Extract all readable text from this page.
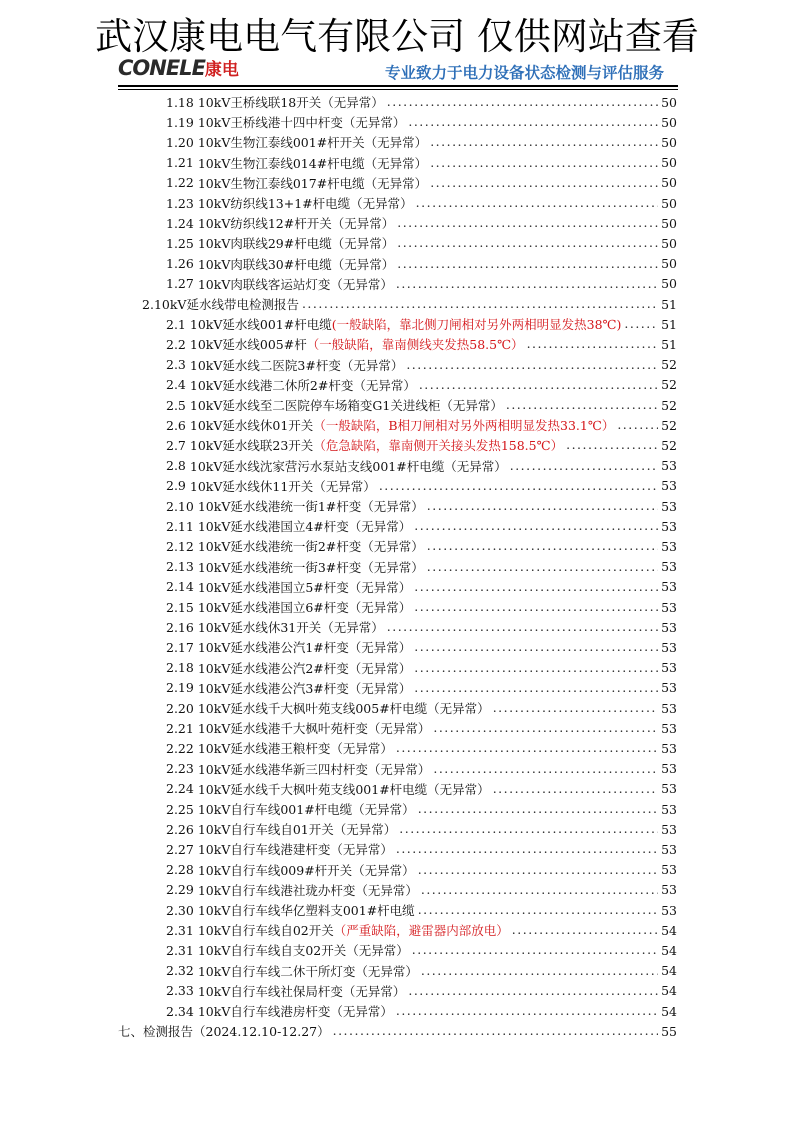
武汉康电电气有限公司 仅供网站查看
CONELE康电	专业致力于电力设备状态检测与评估服务
1.18 10kV王桥线联18开关（无异常） .....	50
1.19 10kV王桥线港十四中杆变（无异常） .....	50
1.20 10kV生物江泰线001#杆开关（无异常） .....	50
1.21 10kV生物江泰线014#杆电缆（无异常） .....	50
1.22 10kV生物江泰线017#杆电缆（无异常） .....	50
1.23 10kV纺织线13+1#杆电缆（无异常） .....	50
1.24 10kV纺织线12#杆开关（无异常） .....	50
1.25 10kV肉联线29#杆电缆（无异常） .....	50
1.26 10kV肉联线30#杆电缆（无异常） .....	50
1.27 10kV肉联线客运站灯变（无异常） .....	50
2. 10kV延水线带电检测报告 .....	51
2.1 10kV延水线001#杆电缆 (一般缺陷，靠北侧刀闸相对另外两相明显发热38℃) .....	51
2.2 10kV延水线005#杆 （一般缺陷，靠南侧线夹发热58.5℃） .....	51
2.3 10kV延水线二医院3#杆变（无异常） .....	52
2.4 10kV延水线港二休所2#杆变（无异常） .....	52
2.5 10kV延水线至二医院停车场箱变G1关进线柜（无异常） .....	52
2.6 10kV延水线休01开关 （一般缺陷，B相刀闸相对另外两相明显发热33.1℃） .....	52
2.7 10kV延水线联23开关 （危急缺陷，靠南侧开关接头发热158.5℃） .....	52
2.8 10kV延水线沈家营污水泵站支线001#杆电缆（无异常） .....	53
2.9 10kV延水线休11开关（无异常） .....	53
2.10 10kV延水线港统一街1#杆变（无异常） .....	53
2.11 10kV延水线港国立4#杆变（无异常） .....	53
2.12 10kV延水线港统一街2#杆变（无异常） .....	53
2.13 10kV延水线港统一街3#杆变（无异常） .....	53
2.14 10kV延水线港国立5#杆变（无异常） .....	53
2.15 10kV延水线港国立6#杆变（无异常） .....	53
2.16 10kV延水线休31开关（无异常） .....	53
2.17 10kV延水线港公汽1#杆变（无异常） .....	53
2.18 10kV延水线港公汽2#杆变（无异常） .....	53
2.19 10kV延水线港公汽3#杆变（无异常） .....	53
2.20 10kV延水线千大枫叶苑支线005#杆电缆（无异常） .....	53
2.21 10kV延水线港千大枫叶苑杆变（无异常） .....	53
2.22 10kV延水线港王粮杆变（无异常） .....	53
2.23 10kV延水线港华新三四村杆变（无异常） .....	53
2.24 10kV延水线千大枫叶苑支线001#杆电缆（无异常） .....	53
2.25 10kV自行车线001#杆电缆（无异常） .....	53
2.26 10kV自行车线自01开关（无异常） .....	53
2.27 10kV自行车线港建杆变（无异常） .....	53
2.28 10kV自行车线009#杆开关（无异常） .....	53
2.29 10kV自行车线港社珑办杆变（无异常） .....	53
2.30 10kV自行车线华亿塑料支001#杆电缆 .....	53
2.31 10kV自行车线自02开关 （严重缺陷，避雷器内部放电） .....	54
2.31 10kV自行车线自支02开关（无异常） .....	54
2.32 10kV自行车线二休干所灯变（无异常） .....	54
2.33 10kV自行车线社保局杆变（无异常） .....	54
2.34 10kV自行车线港房杆变（无异常） .....	54
七、 检测报告（2024.12.10-12.27） .....	55
